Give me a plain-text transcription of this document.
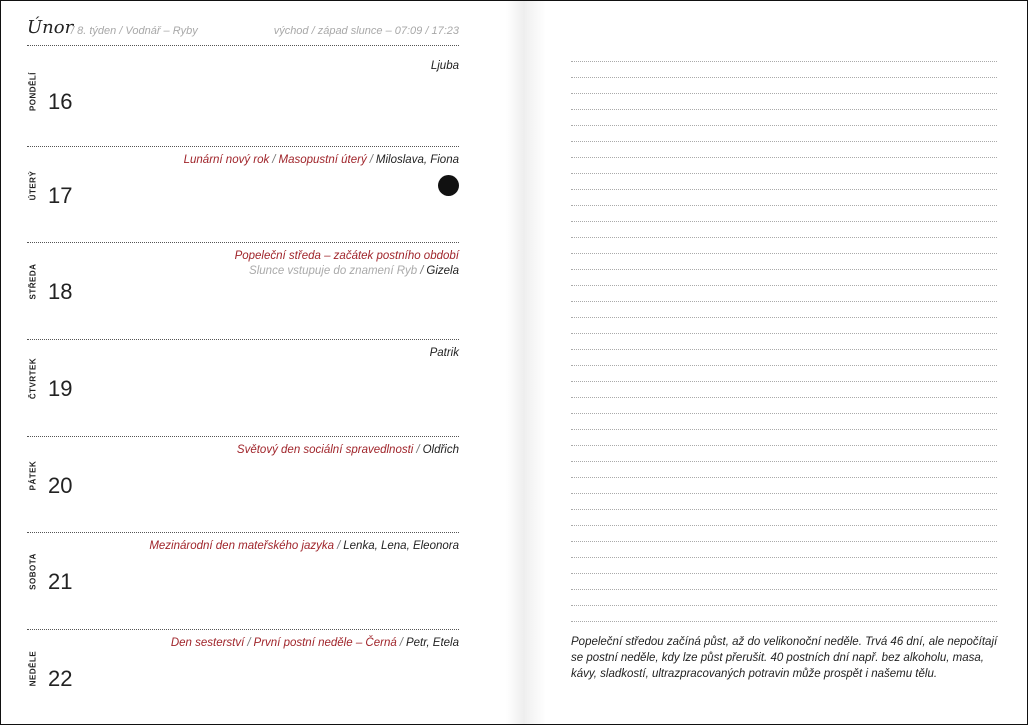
Únor
/ 8. týden / Vodnář – Ryby	východ / západ slunce – 07:09 / 17:23
PONDĚLÍ 16
Ljuba
ÚTERÝ 17
Lunární nový rok / Masopustní úterý / Miloslava, Fiona
STŘEDA 18
Popeleční středa – začátek postního období
Slunce vstupuje do znamení Ryb / Gizela
ČTVRTEK 19
Patrik
PÁTEK 20
Světový den sociální spravedlnosti / Oldřich
SOBOTA 21
Mezinárodní den mateřského jazyka / Lenka, Lena, Eleonora
NEDĚLE 22
Den sesterství / První postní neděle – Černá / Petr, Etela	Popeleční středou začíná půst, až do velikonoční neděle. Trvá 46 dní, ale nepočítají se postní neděle, kdy lze půst přerušit. 40 postních dní např. bez alkoholu, masa, kávy, sladkostí, ultrazpracovaných potravin může prospět i našemu tělu.
